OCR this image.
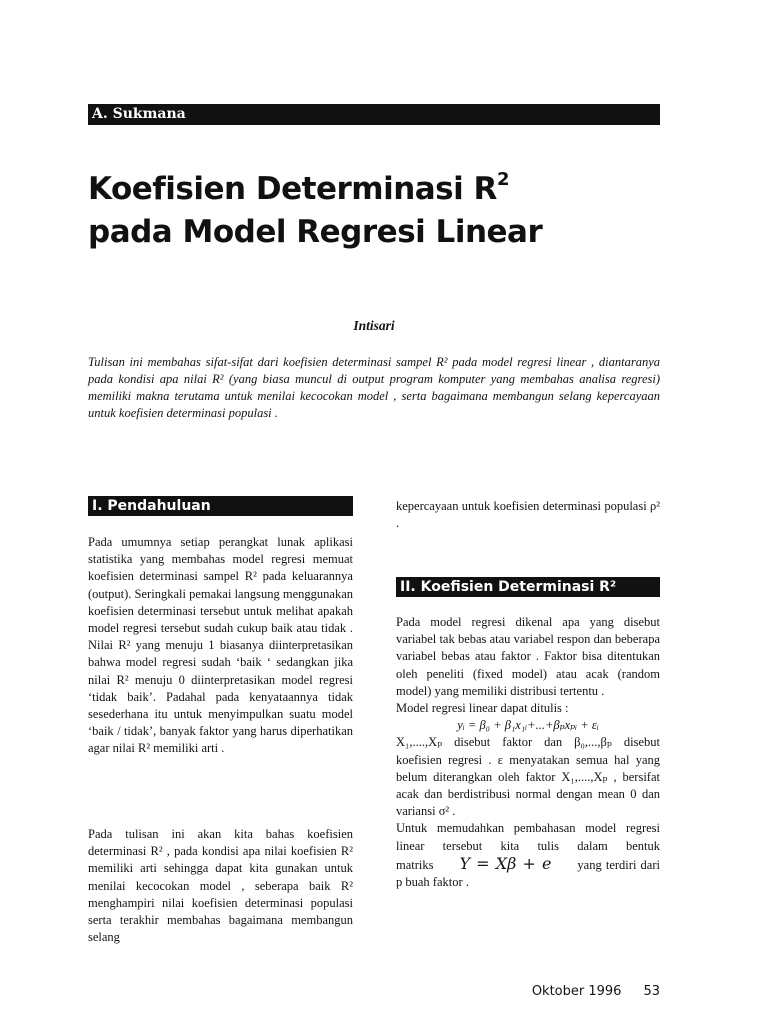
A. Sukmana
Koefisien Determinasi $R^2$
pada Model Regresi Linear
Intisari
Tulisan ini membahas sifat-sifat dari koefisien determinasi sampel R² pada model regresi linear , diantaranya pada kondisi apa nilai R² (yang biasa muncul di output program komputer yang membahas analisa regresi) memiliki makna terutama untuk menilai kecocokan model , serta bagaimana membangun selang kepercayaan untuk koefisien determinasi populasi .
I. Pendahuluan

Pada umumnya setiap perangkat lunak aplikasi statistika yang membahas model regresi memuat koefisien determinasi sampel R² pada keluarannya (output). Seringkali pemakai langsung menggunakan koefisien determinasi tersebut untuk melihat apakah model regresi tersebut sudah cukup baik atau tidak . Nilai R² yang menuju 1 biasanya diinterpretasikan bahwa model regresi sudah ‘baik ‘ sedangkan jika nilai R² menuju 0 diinterpretasikan model regresi ‘tidak baik’. Padahal pada kenyataannya tidak sesederhana itu untuk menyimpulkan suatu model ‘baik / tidak’, banyak faktor yang harus diperhatikan agar nilai R² memiliki arti .

Pada tulisan ini akan kita bahas koefisien determinasi R² , pada kondisi apa nilai koefisien R² memiliki arti sehingga dapat kita gunakan untuk menilai kecocokan model , seberapa baik R² menghampiri nilai koefisien determinasi populasi serta terakhir membahas bagaimana membangun selang

kepercayaan untuk koefisien determinasi populasi ρ² .

II. Koefisien Determinasi R²

Pada model regresi dikenal apa yang disebut variabel tak bebas atau variabel respon dan beberapa variabel bebas atau faktor . Faktor bisa ditentukan oleh peneliti (fixed model) atau acak (random model) yang memiliki distribusi tertentu .

Model regresi linear dapat ditulis :

yᵢ = β₀ + β₁x₁ᵢ+...+βₚxₚᵢ + εᵢ

X₁,....,Xₚ disebut faktor dan β₀,...,βₚ disebut koefisien regresi . ε menyatakan semua hal yang belum diterangkan oleh faktor X₁,....,Xₚ , bersifat acak dan berdistribusi normal dengan mean 0 dan variansi σ² .

Untuk memudahkan pembahasan model regresi linear tersebut kita tulis dalam bentuk matriks Y = Xβ + e yang terdiri dari p buah faktor .

Oktober 1996 53
